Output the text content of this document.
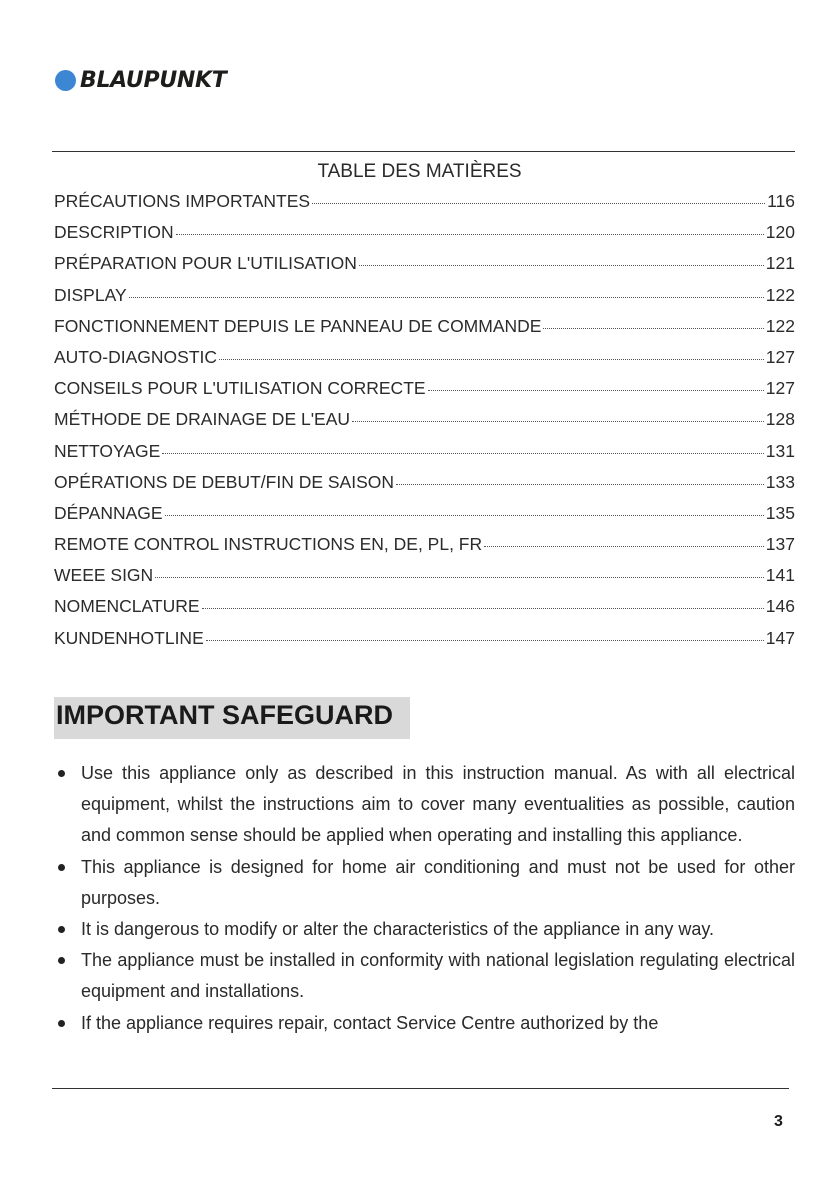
BLAUPUNKT
TABLE DES MATIÈRES
PRÉCAUTIONS IMPORTANTES	116
DESCRIPTION	120
PRÉPARATION POUR L'UTILISATION	121
DISPLAY	122
FONCTIONNEMENT DEPUIS LE PANNEAU DE COMMANDE	122
AUTO-DIAGNOSTIC	127
CONSEILS POUR L'UTILISATION CORRECTE	127
MÉTHODE DE DRAINAGE DE L'EAU	128
NETTOYAGE	131
OPÉRATIONS DE DEBUT/FIN DE SAISON	133
DÉPANNAGE	135
REMOTE CONTROL INSTRUCTIONS EN, DE, PL, FR	137
WEEE SIGN	141
NOMENCLATURE	146
KUNDENHOTLINE	147
IMPORTANT SAFEGUARD
Use this appliance only as described in this instruction manual. As with all electrical equipment, whilst the instructions aim to cover many eventualities as possible, caution and common sense should be applied when operating and installing this appliance.
This appliance is designed for home air conditioning and must not be used for other purposes.
It is dangerous to modify or alter the characteristics of the appliance in any way.
The appliance must be installed in conformity with national legislation regulating electrical equipment and installations.
If the appliance requires repair, contact Service Centre authorized by the
3
